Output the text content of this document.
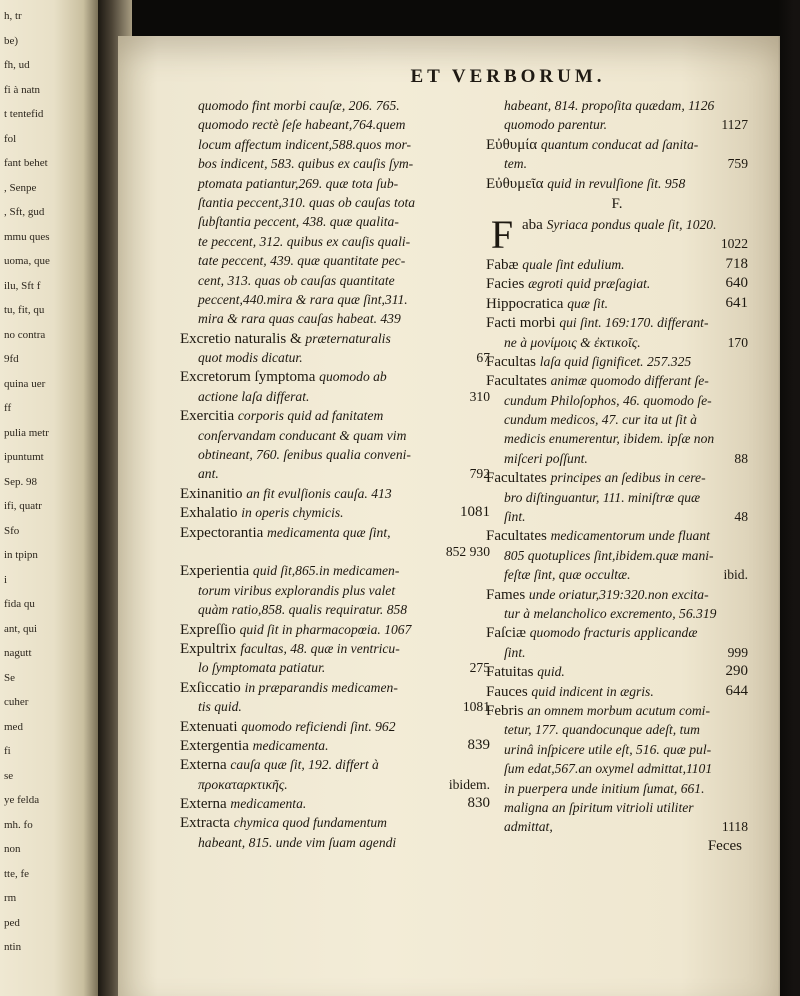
h, tr
be)
fh, ud
fi à natn
t tentefid
fol
fant behet
, Senpe
, Sft, gud
mmu ques
uoma, que
ilu, Sft f
tu, fit, qu
no contra
9fd
quina uer
ff
pulia metr
ipuntumt
Sep. 98
ifi, quatr
Sfo
in tpipn
i
fida qu
ant, qui
nagutt
Se
cuher
med
fi
se
ye felda
mh. fo
non
tte, fe
rm
ped
ntin
ET VERBORUM.
quomodo fint morbi cauſæ, 206. 765.
quomodo rectè ſeſe habeant,764.quem
locum affectum indicent,588.quos mor-
bos indicent, 583. quibus ex cauſis ſym-
ptomata patiantur,269. quæ tota ſub-
ſtantia peccent,310. quas ob cauſas tota
ſubſtantia peccent, 438. quæ qualita-
te peccent, 312. quibus ex cauſis quali-
tate peccent, 439. quæ quantitate pec-
cent, 313. quas ob cauſas quantitate
peccent,440.mira & rara quæ ſint,311.
mira & rara quas cauſas habeat. 439
Excretio naturalis & præternaturalis
quot modis dicatur.	67
Excretorum ſymptoma quomodo ab
actione laſa differat.	310
Exercitia corporis quid ad fanitatem
conſervandam conducant & quam vim
obtineant, 760. ſenibus qualia conveni-
ant.	792
Exinanitio an fit evulſionis cauſa. 413
Exhalatio in operis chymicis.	1081
Expectorantia medicamenta quæ ſint,
852 930
Experientia quid ſit,865.in medicamen-
torum viribus explorandis plus valet
quàm ratio,858. qualis requiratur. 858
Expreſſio quid ſit in pharmacopœia. 1067
Expultrix facultas, 48. quæ in ventricu-
lo ſymptomata patiatur.	275
Exſiccatio in præparandis medicamen-
tis quid.	1081
Extenuati quomodo reficiendi ſint. 962
Extergentia medicamenta.	839
Externa cauſa quæ ſit, 192. differt à
προκαταρκτικῆς.	ibidem.
Externa medicamenta.	830
Extracta chymica quod fundamentum
habeant, 815. unde vim ſuam agendi
habeant, 814. propoſita quædam, 1126
quomodo parentur.	1127
Εὐθυμία quantum conducat ad ſanita-
tem.	759
Εὐθυμεῖα quid in revulſione ſit. 958
F.
F aba Syriaca pondus quale ſit, 1020.
1022
Fabæ quale ſint edulium.	718
Facies ægroti quid præſagiat.	640
Hippocratica quæ ſit.	641
Facti morbi qui ſint. 169:170. differant-
ne à μονίμοις & ἐκτικοῖς.	170
Facultas laſa quid ſignificet. 257.325
Facultates animæ quomodo differant ſe-
cundum Philoſophos, 46. quomodo ſe-
cundum medicos, 47. cur ita ut ſit à
medicis enumerentur, ibidem. ipſæ non
miſceri poſſunt.	88
Facultates principes an ſedibus in cere-
bro diſtinguantur, 111. miniſtræ quæ
ſint.	48
Facultates medicamentorum unde fluant
805 quotuplices ſint,ibidem.quæ mani-
feſtæ ſint, quæ occultæ.	ibid.
Fames unde oriatur,319:320.non excita-
tur à melancholico excremento, 56.319
Faſciæ quomodo fracturis applicandæ
ſint.	999
Fatuitas quid.	290
Fauces quid indicent in ægris.	644
Febris an omnem morbum acutum comi-
tetur, 177. quandocunque adeſt, tum
urinâ inſpicere utile eſt, 516. quæ pul-
ſum edat,567.an oxymel admittat,1101
in puerpera unde initium ſumat, 661.
maligna an ſpiritum vitrioli utiliter
admittat,	1118
Feces
